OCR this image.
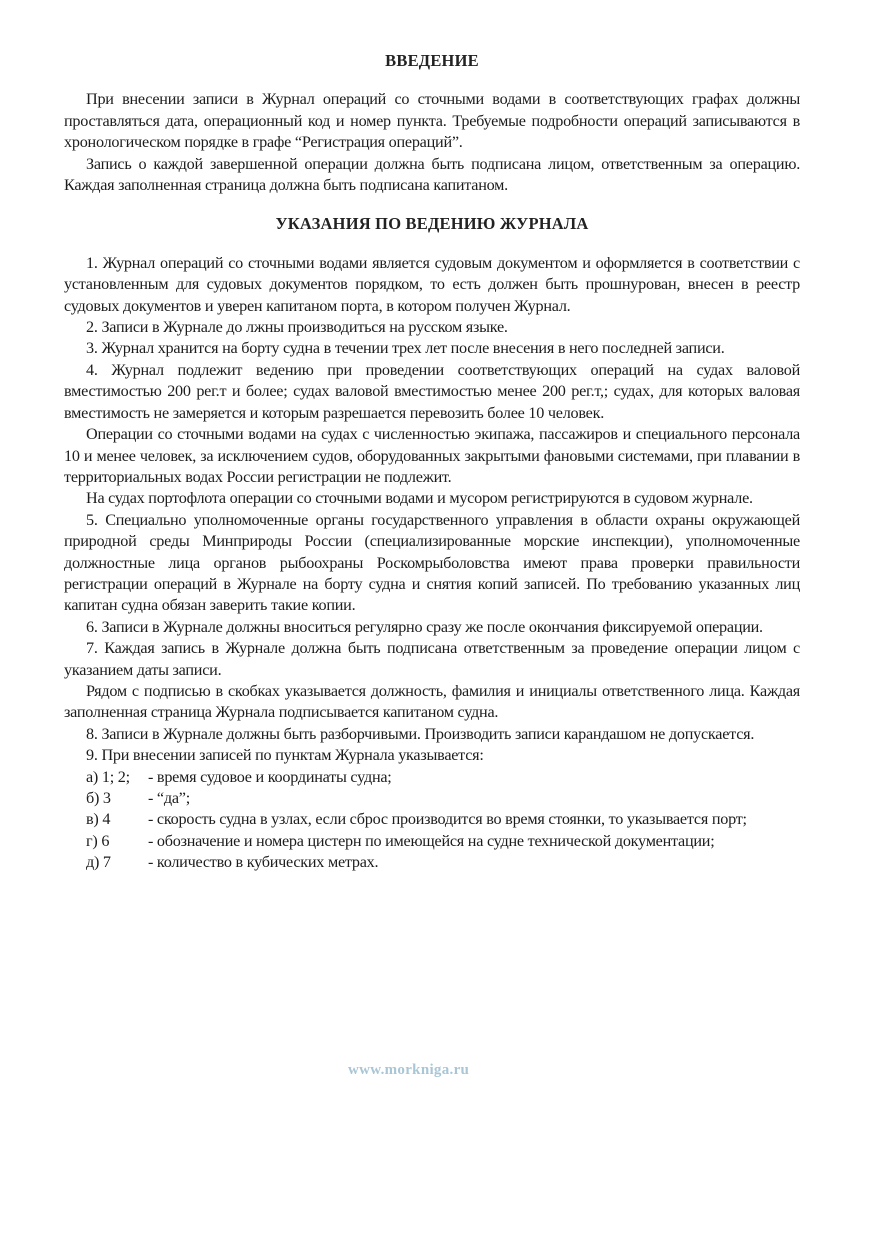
ВВЕДЕНИЕ

При внесении записи в Журнал операций со сточными водами в соответствующих графах должны проставляться дата, операционный код и номер пункта. Требуемые подробности операций записываются в хронологическом порядке в графе “Регистрация операций”.

Запись о каждой завершенной операции должна быть подписана лицом, ответственным за операцию. Каждая заполненная страница должна быть подписана капитаном.

УКАЗАНИЯ ПО ВЕДЕНИЮ ЖУРНАЛА

1. Журнал операций со сточными водами является судовым документом и оформляется в соответствии с установленным для судовых документов порядком, то есть должен быть прошнурован, внесен в реестр судовых документов и уверен капитаном порта, в котором получен Журнал.

2. Записи в Журнале до лжны производиться на русском языке.

3. Журнал хранится на борту судна в течении трех лет после внесения в него последней записи.

4. Журнал подлежит ведению при проведении соответствующих операций на судах валовой вместимостью 200 рег.т и более; судах валовой вместимостью менее 200 рег.т,; судах, для которых валовая вместимость не замеряется и которым разрешается перевозить более 10 человек.

Операции со сточными водами на судах с численностью экипажа, пассажиров и специального персонала 10 и менее человек, за исключением судов, оборудованных закрытыми фановыми системами, при плавании в территориальных водах России регистрации не подлежит.

На судах портофлота операции со сточными водами и мусором регистрируются в судовом журнале.

5. Специально уполномоченные органы государственного управления в области охраны окружающей природной среды Минприроды России (специализированные морские инспекции), уполномоченные должностные лица органов рыбоохраны Роскомрыболовства имеют права проверки правильности регистрации операций в Журнале на борту судна и снятия копий записей. По требованию указанных лиц капитан судна обязан заверить такие копии.

6. Записи в Журнале должны вноситься регулярно сразу же после окончания фиксируемой операции.

7. Каждая запись в Журнале должна быть подписана ответственным за проведение операции лицом с указанием даты записи.

Рядом с подписью в скобках указывается должность, фамилия и инициалы ответственного лица. Каждая заполненная страница Журнала подписывается капитаном судна.

8. Записи в Журнале должны быть разборчивыми. Производить записи карандашом не допускается.

9. При внесении записей по пунктам Журнала указывается:

а) 1; 2;	- время судовое и координаты судна;
б) 3	- “да”;
в) 4	- скорость судна в узлах, если сброс производится во время стоянки, то указывается порт;
г) 6	- обозначение и номера цистерн по имеющейся на судне технической документации;
д) 7	- количество в кубических метрах.
www.morkniga.ru
